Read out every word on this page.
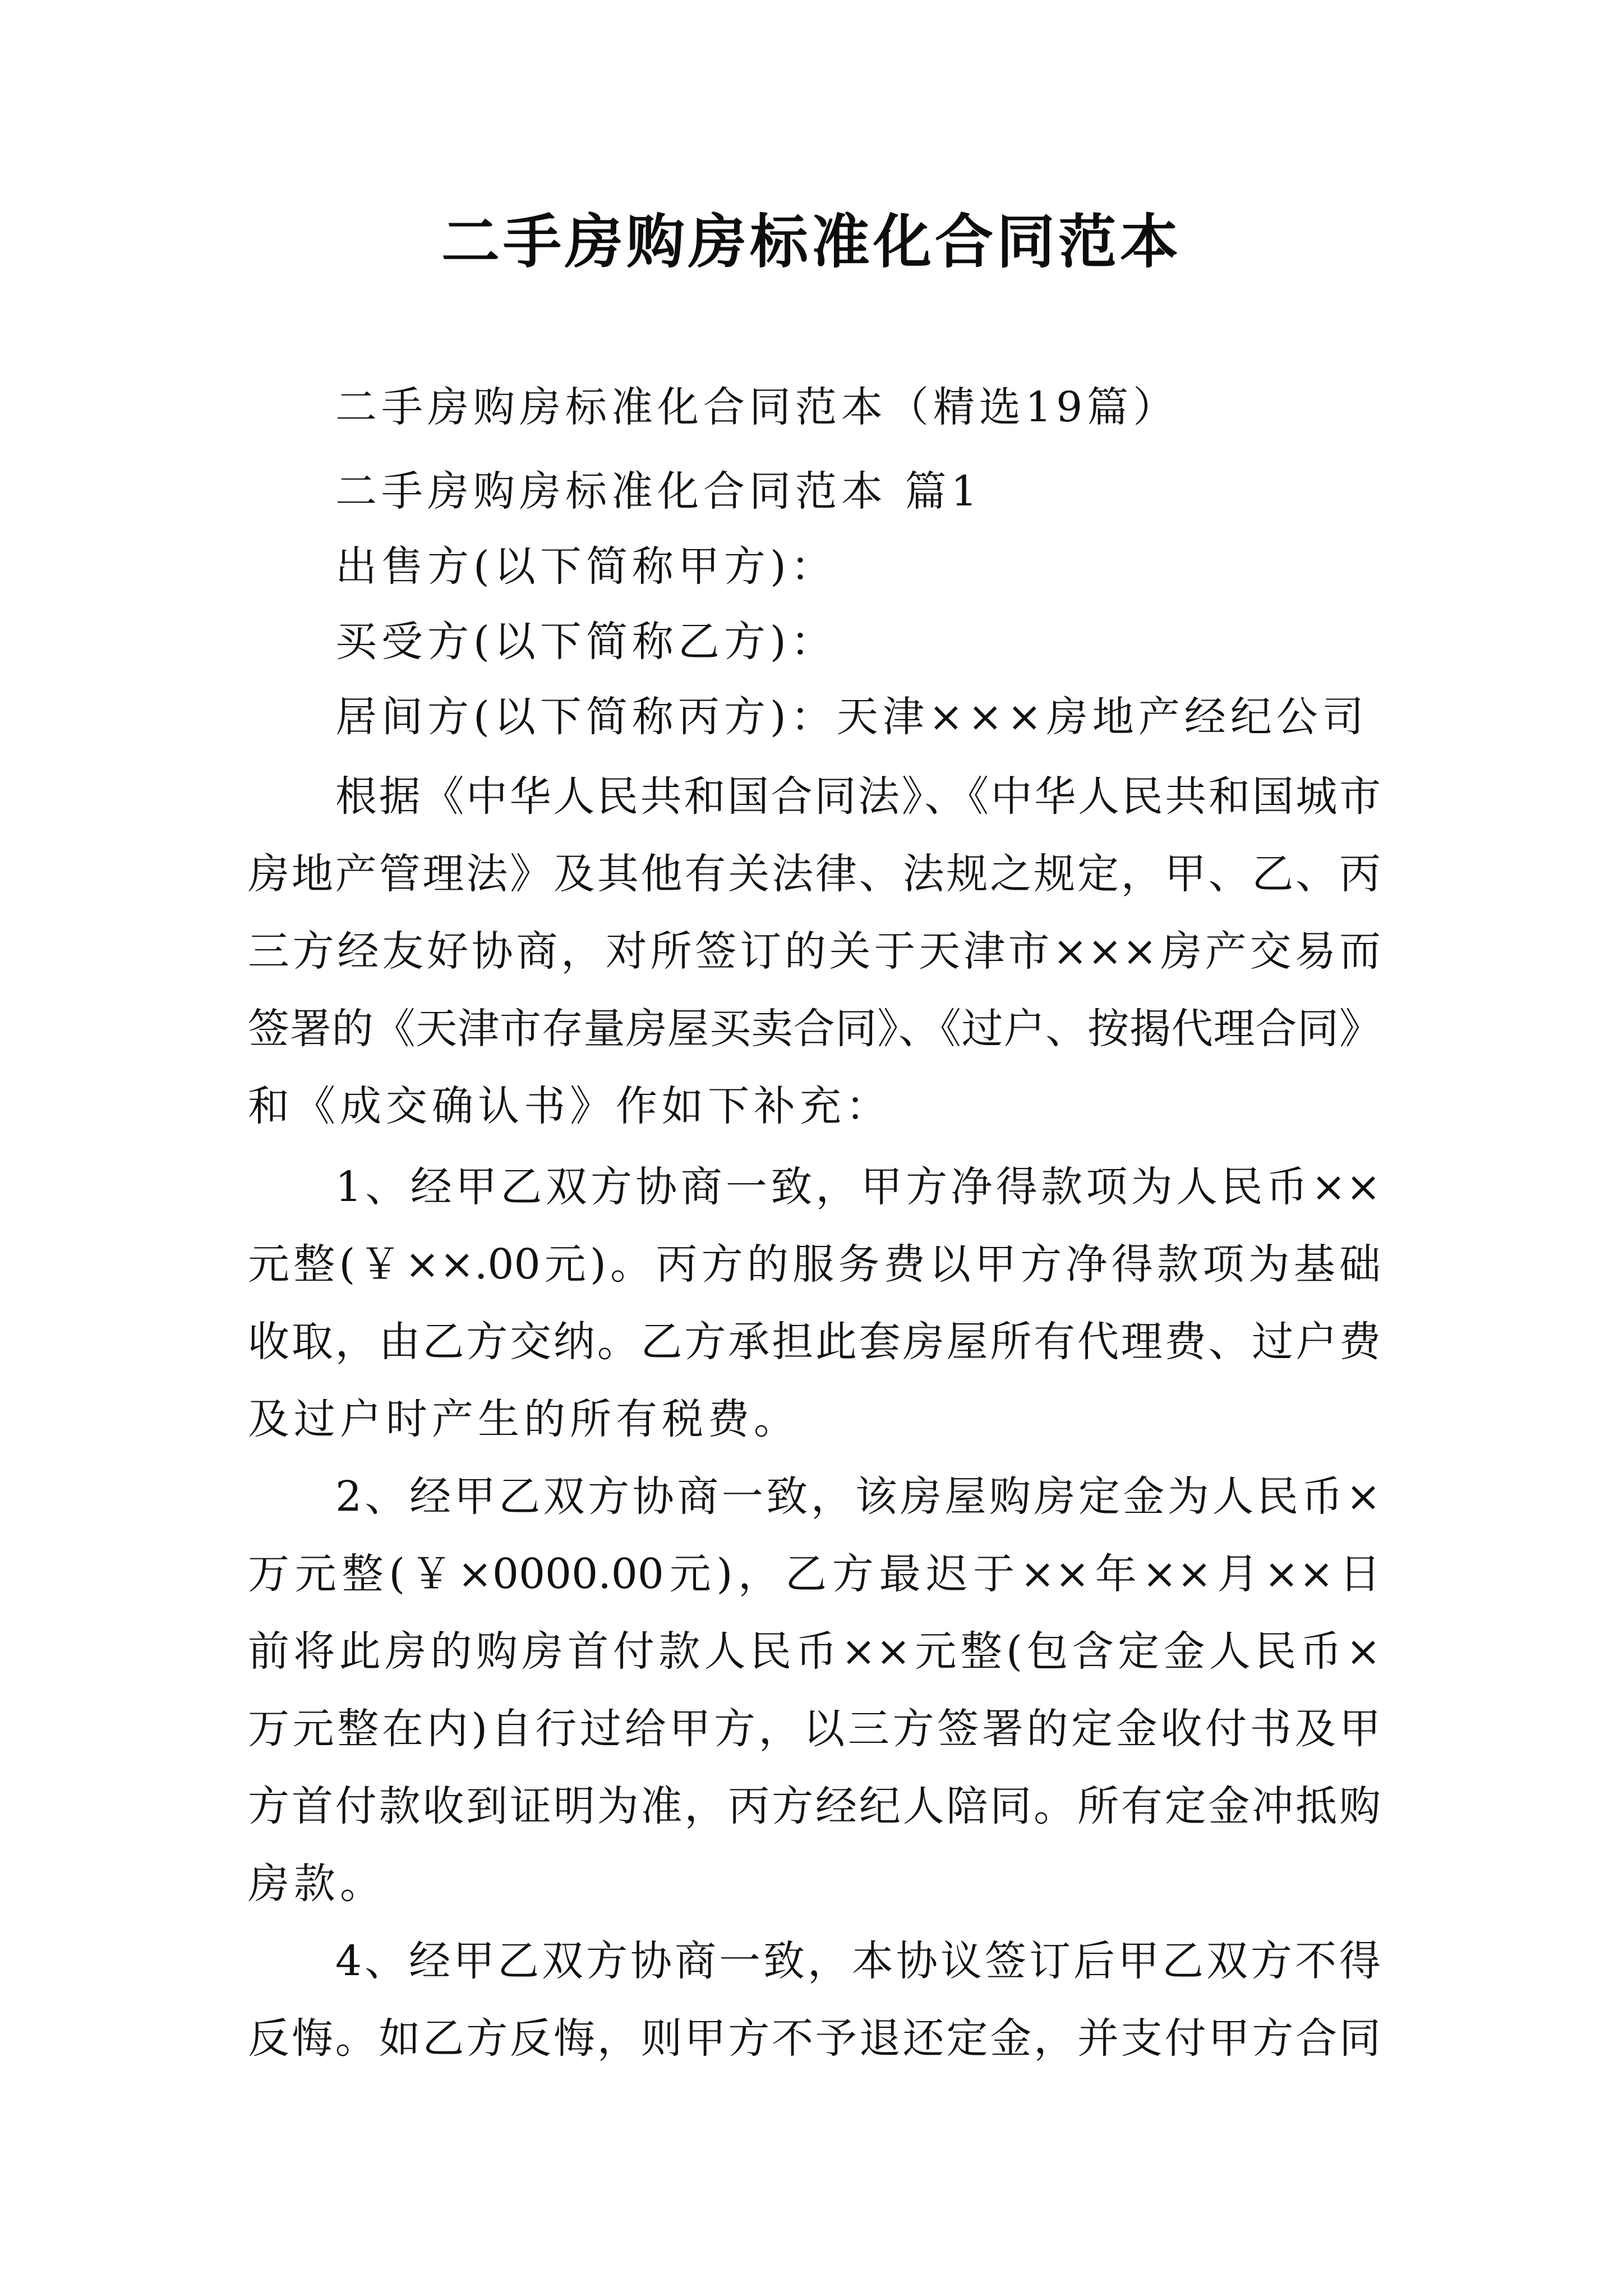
二手房购房标准化合同范本
二手房购房标准化合同范本（精选19篇）
二手房购房标准化合同范本 篇1
出售方(以下简称甲方)：
买受方(以下简称乙方)：
居间方(以下简称丙方)：天津×××房地产经纪公司
根据《中华人民共和国合同法》、《中华人民共和国城市
房地产管理法》及其他有关法律、法规之规定，甲、乙、丙
三方经友好协商，对所签订的关于天津市×××房产交易而
签署的《天津市存量房屋买卖合同》、《过户、按揭代理合同》
和《成交确认书》作如下补充：
1、经甲乙双方协商一致，甲方净得款项为人民币××
元整(￥××.00元)。丙方的服务费以甲方净得款项为基础
收取，由乙方交纳。乙方承担此套房屋所有代理费、过户费
及过户时产生的所有税费。
2、经甲乙双方协商一致，该房屋购房定金为人民币×
万元整(￥×0000.00元)，乙方最迟于××年××月××日
前将此房的购房首付款人民币××元整(包含定金人民币×
万元整在内)自行过给甲方，以三方签署的定金收付书及甲
方首付款收到证明为准，丙方经纪人陪同。所有定金冲抵购
房款。
4、经甲乙双方协商一致，本协议签订后甲乙双方不得
反悔。如乙方反悔，则甲方不予退还定金，并支付甲方合同
